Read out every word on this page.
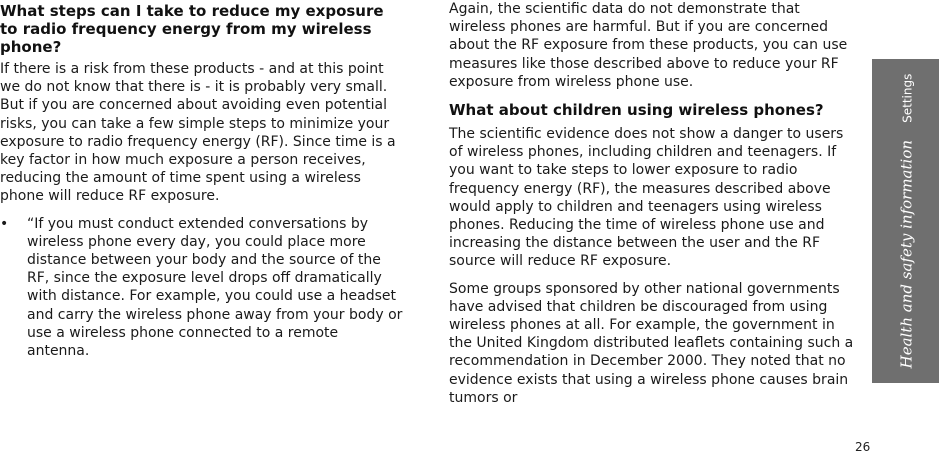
What steps can I take to reduce my exposure to radio frequency energy from my wireless phone?

If there is a risk from these products - and at this point we do not know that there is - it is probably very small. But if you are concerned about avoiding even potential risks, you can take a few simple steps to minimize your exposure to radio frequency energy (RF). Since time is a key factor in how much exposure a person receives, reducing the amount of time spent using a wireless phone will reduce RF exposure.

• “If you must conduct extended conversations by wireless phone every day, you could place more distance between your body and the source of the RF, since the exposure level drops off dramatically with distance. For example, you could use a headset and carry the wireless phone away from your body or use a wireless phone connected to a remote antenna.

Again, the scientific data do not demonstrate that wireless phones are harmful. But if you are concerned about the RF exposure from these products, you can use measures like those described above to reduce your RF exposure from wireless phone use.

What about children using wireless phones?

The scientific evidence does not show a danger to users of wireless phones, including children and teenagers. If you want to take steps to lower exposure to radio frequency energy (RF), the measures described above would apply to children and teenagers using wireless phones. Reducing the time of wireless phone use and increasing the distance between the user and the RF source will reduce RF exposure.

Some groups sponsored by other national governments have advised that children be discouraged from using wireless phones at all. For example, the government in the United Kingdom distributed leaflets containing such a recommendation in December 2000. They noted that no evidence exists that using a wireless phone causes brain tumors or

Health and safety information Settings
26
